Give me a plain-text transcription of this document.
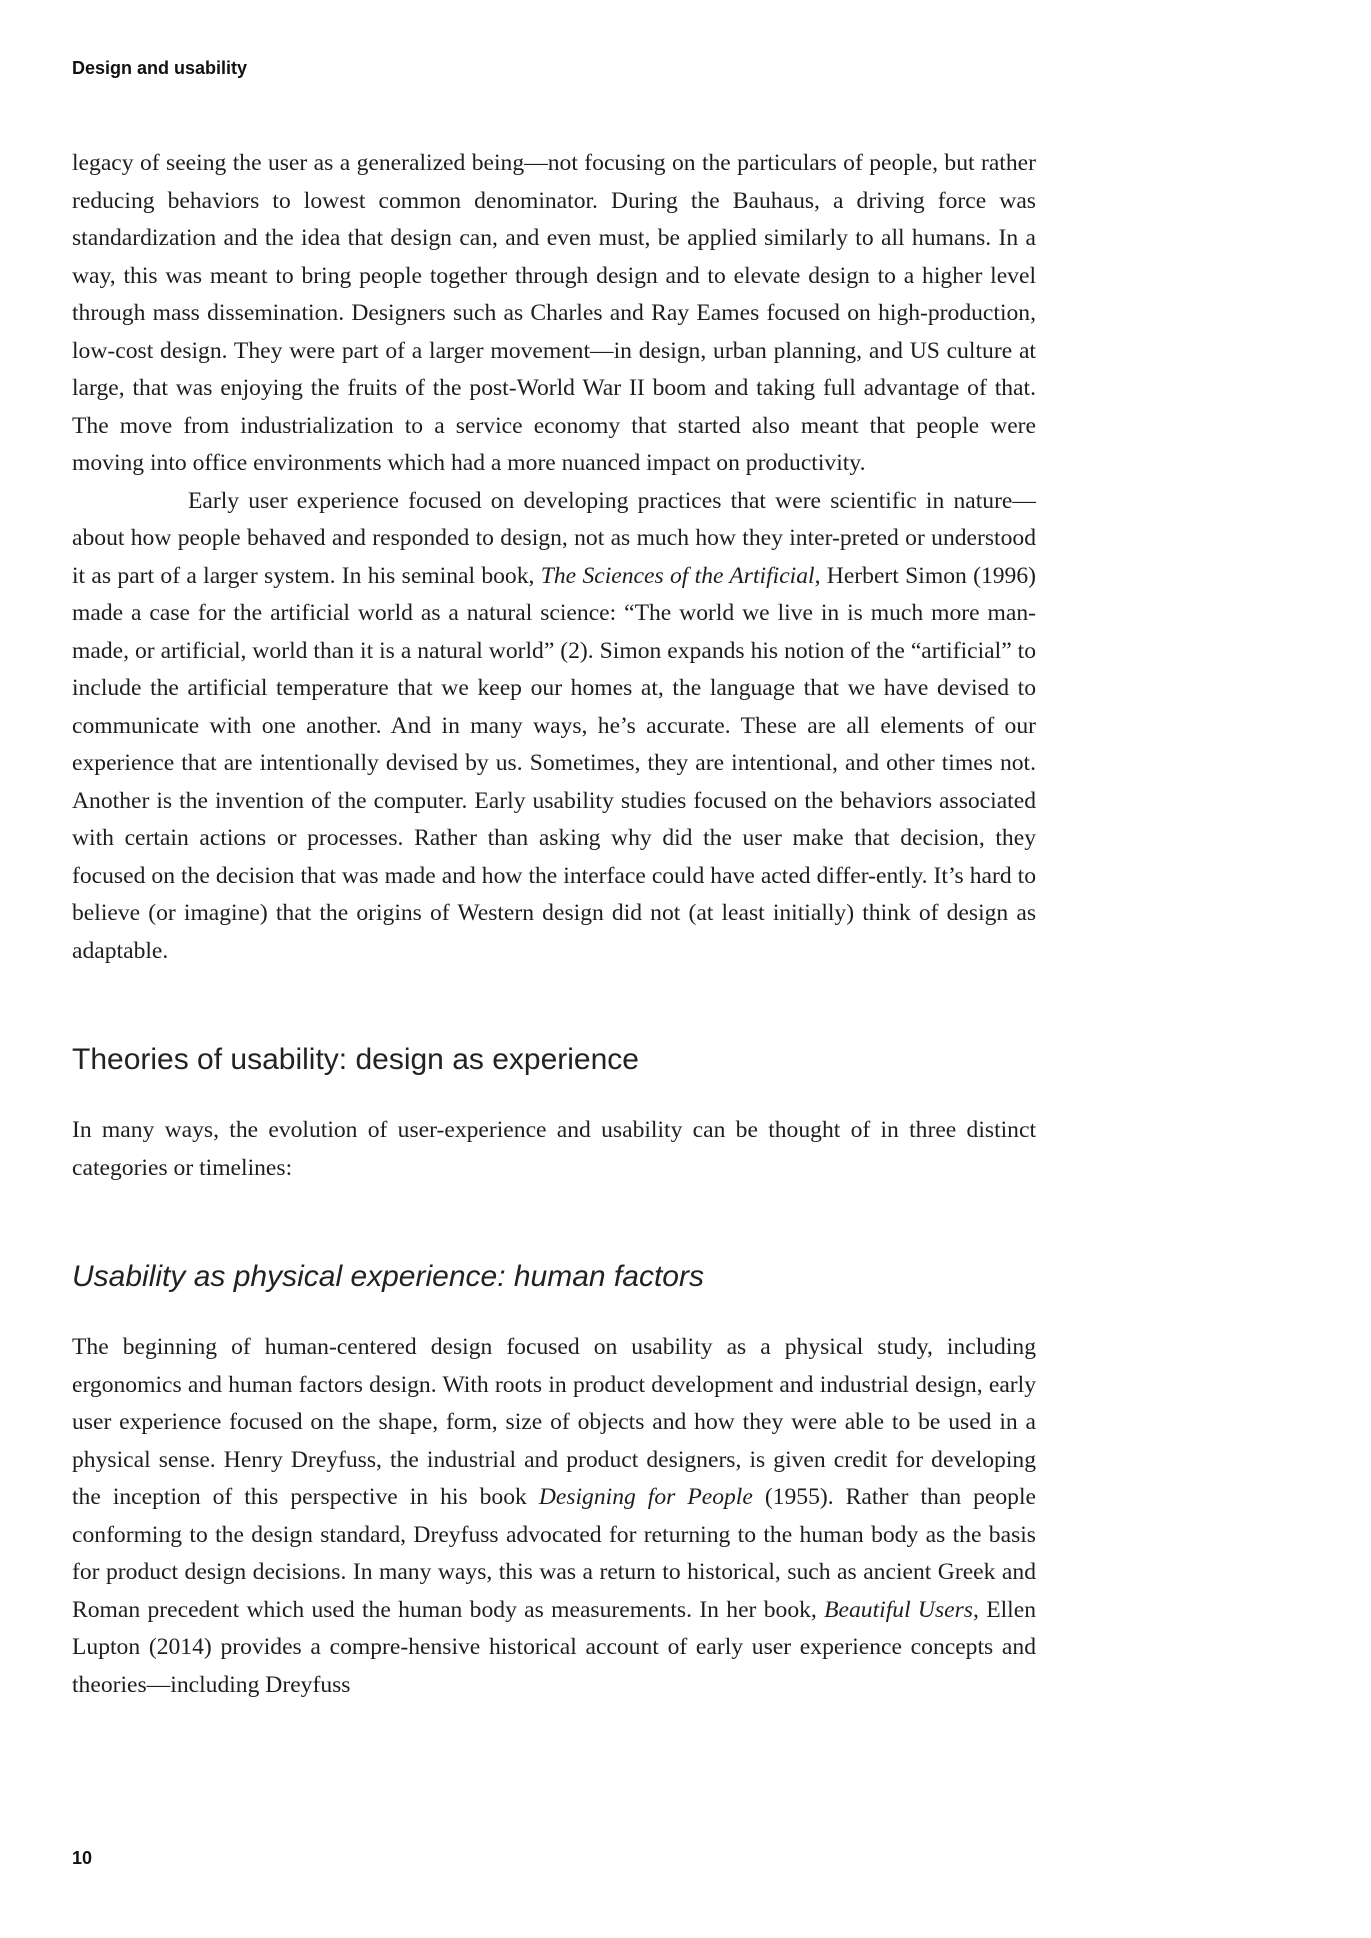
Design and usability

legacy of seeing the user as a generalized being—not focusing on the particulars of people, but rather reducing behaviors to lowest common denominator. During the Bauhaus, a driving force was standardization and the idea that design can, and even must, be applied similarly to all humans. In a way, this was meant to bring people together through design and to elevate design to a higher level through mass dissemination. Designers such as Charles and Ray Eames focused on high-production, low-cost design. They were part of a larger movement—in design, urban planning, and US culture at large, that was enjoying the fruits of the post-World War II boom and taking full advantage of that. The move from industrialization to a service economy that started also meant that people were moving into office environments which had a more nuanced impact on productivity.

Early user experience focused on developing practices that were scientific in nature—about how people behaved and responded to design, not as much how they inter-preted or understood it as part of a larger system. In his seminal book, The Sciences of the Artificial, Herbert Simon (1996) made a case for the artificial world as a natural science: “The world we live in is much more man-made, or artificial, world than it is a natural world” (2). Simon expands his notion of the “artificial” to include the artificial temperature that we keep our homes at, the language that we have devised to communicate with one another. And in many ways, he’s accurate. These are all elements of our experience that are intentionally devised by us. Sometimes, they are intentional, and other times not. Another is the invention of the computer. Early usability studies focused on the behaviors associated with certain actions or processes. Rather than asking why did the user make that decision, they focused on the decision that was made and how the interface could have acted differ-ently. It’s hard to believe (or imagine) that the origins of Western design did not (at least initially) think of design as adaptable.

Theories of usability: design as experience

In many ways, the evolution of user-experience and usability can be thought of in three distinct categories or timelines:

Usability as physical experience: human factors

The beginning of human-centered design focused on usability as a physical study, including ergonomics and human factors design. With roots in product development and industrial design, early user experience focused on the shape, form, size of objects and how they were able to be used in a physical sense. Henry Dreyfuss, the industrial and product designers, is given credit for developing the inception of this perspective in his book Designing for People (1955). Rather than people conforming to the design standard, Dreyfuss advocated for returning to the human body as the basis for product design decisions. In many ways, this was a return to historical, such as ancient Greek and Roman precedent which used the human body as measurements. In her book, Beautiful Users, Ellen Lupton (2014) provides a compre-hensive historical account of early user experience concepts and theories—including Dreyfuss

10
